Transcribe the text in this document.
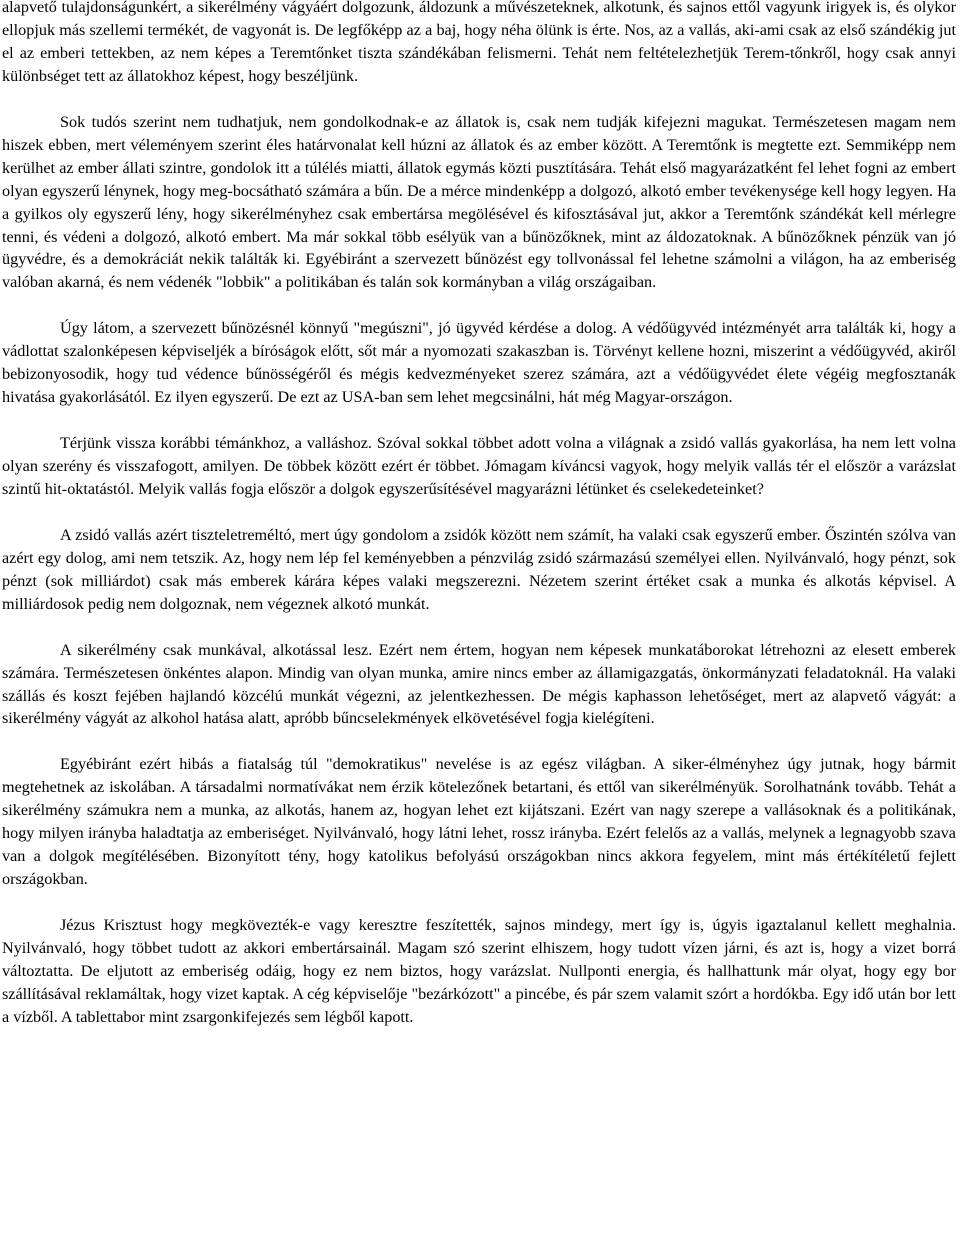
alapvető tulajdonságunkért, a sikerélmény vágyáért dolgozunk, áldozunk a művészeteknek, alkotunk, és sajnos ettől vagyunk irigyek is, és olykor ellopjuk más szellemi termékét, de vagyonát is. De legfőképp az a baj, hogy néha ölünk is érte. Nos, az a vallás, aki-ami csak az első szándékig jut el az emberi tettekben, az nem képes a Teremtőnket tiszta szándékában felismerni. Tehát nem feltételezhetjük Terem-tőnkről, hogy csak annyi különbséget tett az állatokhoz képest, hogy beszéljünk.

Sok tudós szerint nem tudhatjuk, nem gondolkodnak-e az állatok is, csak nem tudják kifejezni magukat. Természetesen magam nem hiszek ebben, mert véleményem szerint éles határvonalat kell húzni az állatok és az ember között. A Teremtőnk is megtette ezt. Semmiképp nem kerülhet az ember állati szintre, gondolok itt a túlélés miatti, állatok egymás közti pusztítására. Tehát első magyarázatként fel lehet fogni az embert olyan egyszerű lénynek, hogy meg-bocsátható számára a bűn. De a mérce mindenképp a dolgozó, alkotó ember tevékenysége kell hogy legyen. Ha a gyilkos oly egyszerű lény, hogy sikerélményhez csak embertársa megölésével és kifosztásával jut, akkor a Teremtőnk szándékát kell mérlegre tenni, és védeni a dolgozó, alkotó embert. Ma már sokkal több esélyük van a bűnözőknek, mint az áldozatoknak. A bűnözőknek pénzük van jó ügyvédre, és a demokráciát nekik találták ki. Egyébiránt a szervezett bűnözést egy tollvonással fel lehetne számolni a világon, ha az emberiség valóban akarná, és nem védenék "lobbik" a politikában és talán sok kormányban a világ országaiban.

Úgy látom, a szervezett bűnözésnél könnyű "megúszni", jó ügyvéd kérdése a dolog. A védőügyvéd intézményét arra találták ki, hogy a vádlottat szalonképesen képviseljék a bíróságok előtt, sőt már a nyomozati szakaszban is. Törvényt kellene hozni, miszerint a védőügyvéd, akiről bebizonyosodik, hogy tud védence bűnösségéről és mégis kedvezményeket szerez számára, azt a védőügyvédet élete végéig megfosztanák hivatása gyakorlásától. Ez ilyen egyszerű. De ezt az USA-ban sem lehet megcsinálni, hát még Magyar-országon.

Térjünk vissza korábbi témánkhoz, a valláshoz. Szóval sokkal többet adott volna a világnak a zsidó vallás gyakorlása, ha nem lett volna olyan szerény és visszafogott, amilyen. De többek között ezért ér többet. Jómagam kíváncsi vagyok, hogy melyik vallás tér el először a varázslat szintű hit-oktatástól. Melyik vallás fogja először a dolgok egyszerűsítésével magyarázni létünket és cselekedeteinket?

A zsidó vallás azért tiszteletreméltó, mert úgy gondolom a zsidók között nem számít, ha valaki csak egyszerű ember. Őszintén szólva van azért egy dolog, ami nem tetszik. Az, hogy nem lép fel keményebben a pénzvilág zsidó származású személyei ellen. Nyilvánvaló, hogy pénzt, sok pénzt (sok milliárdot) csak más emberek kárára képes valaki megszerezni. Nézetem szerint értéket csak a munka és alkotás képvisel. A milliárdosok pedig nem dolgoznak, nem végeznek alkotó munkát.

A sikerélmény csak munkával, alkotással lesz. Ezért nem értem, hogyan nem képesek munkatáborokat létrehozni az elesett emberek számára. Természetesen önkéntes alapon. Mindig van olyan munka, amire nincs ember az államigazgatás, önkormányzati feladatoknál. Ha valaki szállás és koszt fejében hajlandó közcélú munkát végezni, az jelentkezhessen. De mégis kaphasson lehetőséget, mert az alapvető vágyát: a sikerélmény vágyát az alkohol hatása alatt, apróbb bűncselekmények elkövetésével fogja kielégíteni.

Egyébiránt ezért hibás a fiatalság túl "demokratikus" nevelése is az egész világban. A siker-élményhez úgy jutnak, hogy bármit megtehetnek az iskolában. A társadalmi normatívákat nem érzik kötelezőnek betartani, és ettől van sikerélményük. Sorolhatnánk tovább. Tehát a sikerélmény számukra nem a munka, az alkotás, hanem az, hogyan lehet ezt kijátszani. Ezért van nagy szerepe a vallásoknak és a politikának, hogy milyen irányba haladtatja az emberiséget. Nyilvánvaló, hogy látni lehet, rossz irányba. Ezért felelős az a vallás, melynek a legnagyobb szava van a dolgok megítélésében. Bizonyított tény, hogy katolikus befolyású országokban nincs akkora fegyelem, mint más értékítéletű fejlett országokban.

Jézus Krisztust hogy megkövezték-e vagy keresztre feszítették, sajnos mindegy, mert így is, úgyis igaztalanul kellett meghalnia. Nyilvánvaló, hogy többet tudott az akkori embertársainál. Magam szó szerint elhiszem, hogy tudott vízen járni, és azt is, hogy a vizet borrá változtatta. De eljutott az emberiség odáig, hogy ez nem biztos, hogy varázslat. Nullponti energia, és hallhattunk már olyat, hogy egy bor szállításával reklamáltak, hogy vizet kaptak. A cég képviselője "bezárkózott" a pincébe, és pár szem valamit szórt a hordókba. Egy idő után bor lett a vízből. A tablettabor mint zsargonkifejezés sem légből kapott.
